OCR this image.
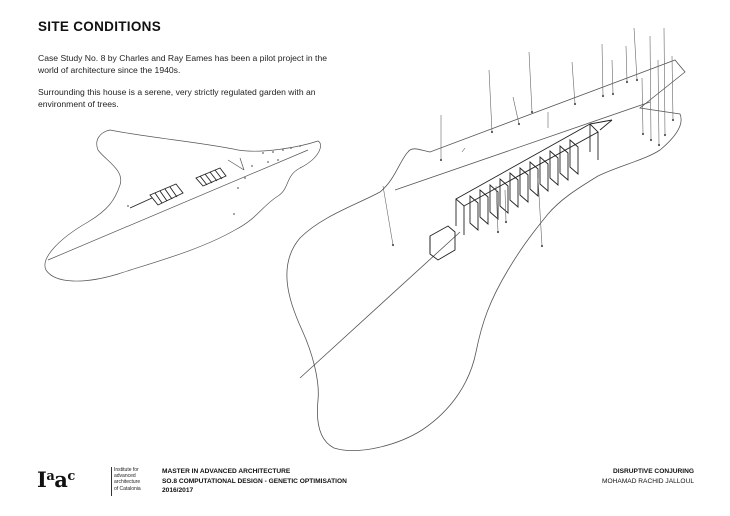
SITE CONDITIONS
Case Study No. 8 by Charles and Ray Eames has been a pilot project in the world of architecture since the 1940s.
Surrounding this house is a serene, very strictly regulated garden with an environment of trees.
$I^aa^c$	Institute for
advanced
architecture
of Catalonia
MASTER IN ADVANCED ARCHITECTURE
SO.8 COMPUTATIONAL DESIGN - GENETIC OPTIMISATION
2016/2017
DISRUPTIVE CONJURING
MOHAMAD RACHID JALLOUL
